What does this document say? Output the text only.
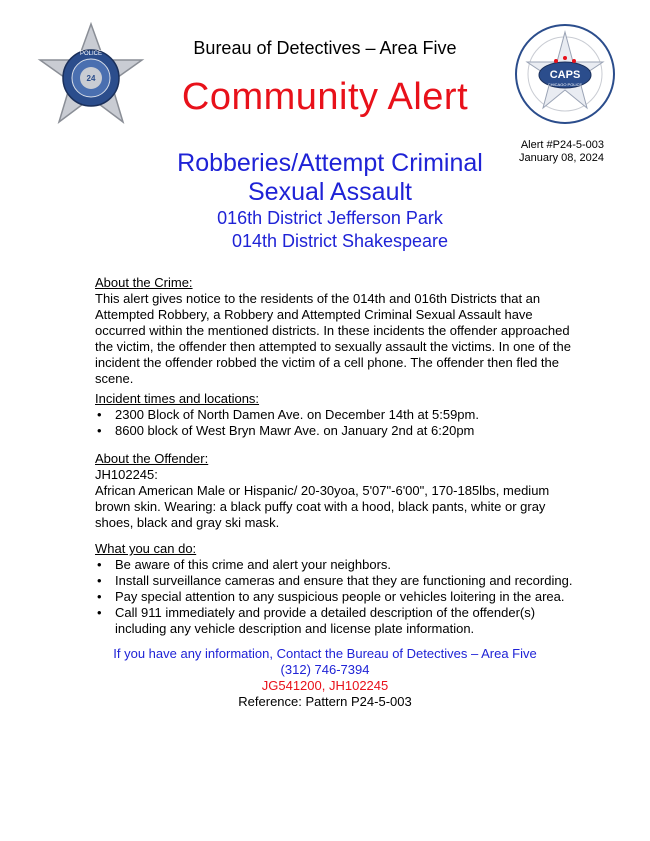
POLICE
24	CAPS
CHICAGO POLICE
Bureau of Detectives – Area Five
Community Alert
Alert #P24-5-003
January 08, 2024
Robberies/Attempt Criminal
Sexual Assault
016th District Jefferson Park
014th District Shakespeare
About the Crime:
This alert gives notice to the residents of the 014th and 016th Districts that an Attempted Robbery, a Robbery and Attempted Criminal Sexual Assault have occurred within the mentioned districts. In these incidents the offender approached the victim, the offender then attempted to sexually assault the victims. In one of the incident the offender robbed the victim of a cell phone. The offender then fled the scene.
Incident times and locations:
• 2300 Block of North Damen Ave. on December 14th at 5:59pm.
• 8600 block of West Bryn Mawr Ave. on January 2nd at 6:20pm
About the Offender:
JH102245:
African American Male or Hispanic/ 20-30yoa, 5'07"-6'00", 170-185lbs, medium brown skin. Wearing: a black puffy coat with a hood, black pants, white or gray shoes, black and gray ski mask.
What you can do:
• Be aware of this crime and alert your neighbors.
• Install surveillance cameras and ensure that they are functioning and recording.
• Pay special attention to any suspicious people or vehicles loitering in the area.
• Call 911 immediately and provide a detailed description of the offender(s) including any vehicle description and license plate information.
If you have any information, Contact the Bureau of Detectives – Area Five
(312) 746-7394
JG541200, JH102245
Reference: Pattern P24-5-003
